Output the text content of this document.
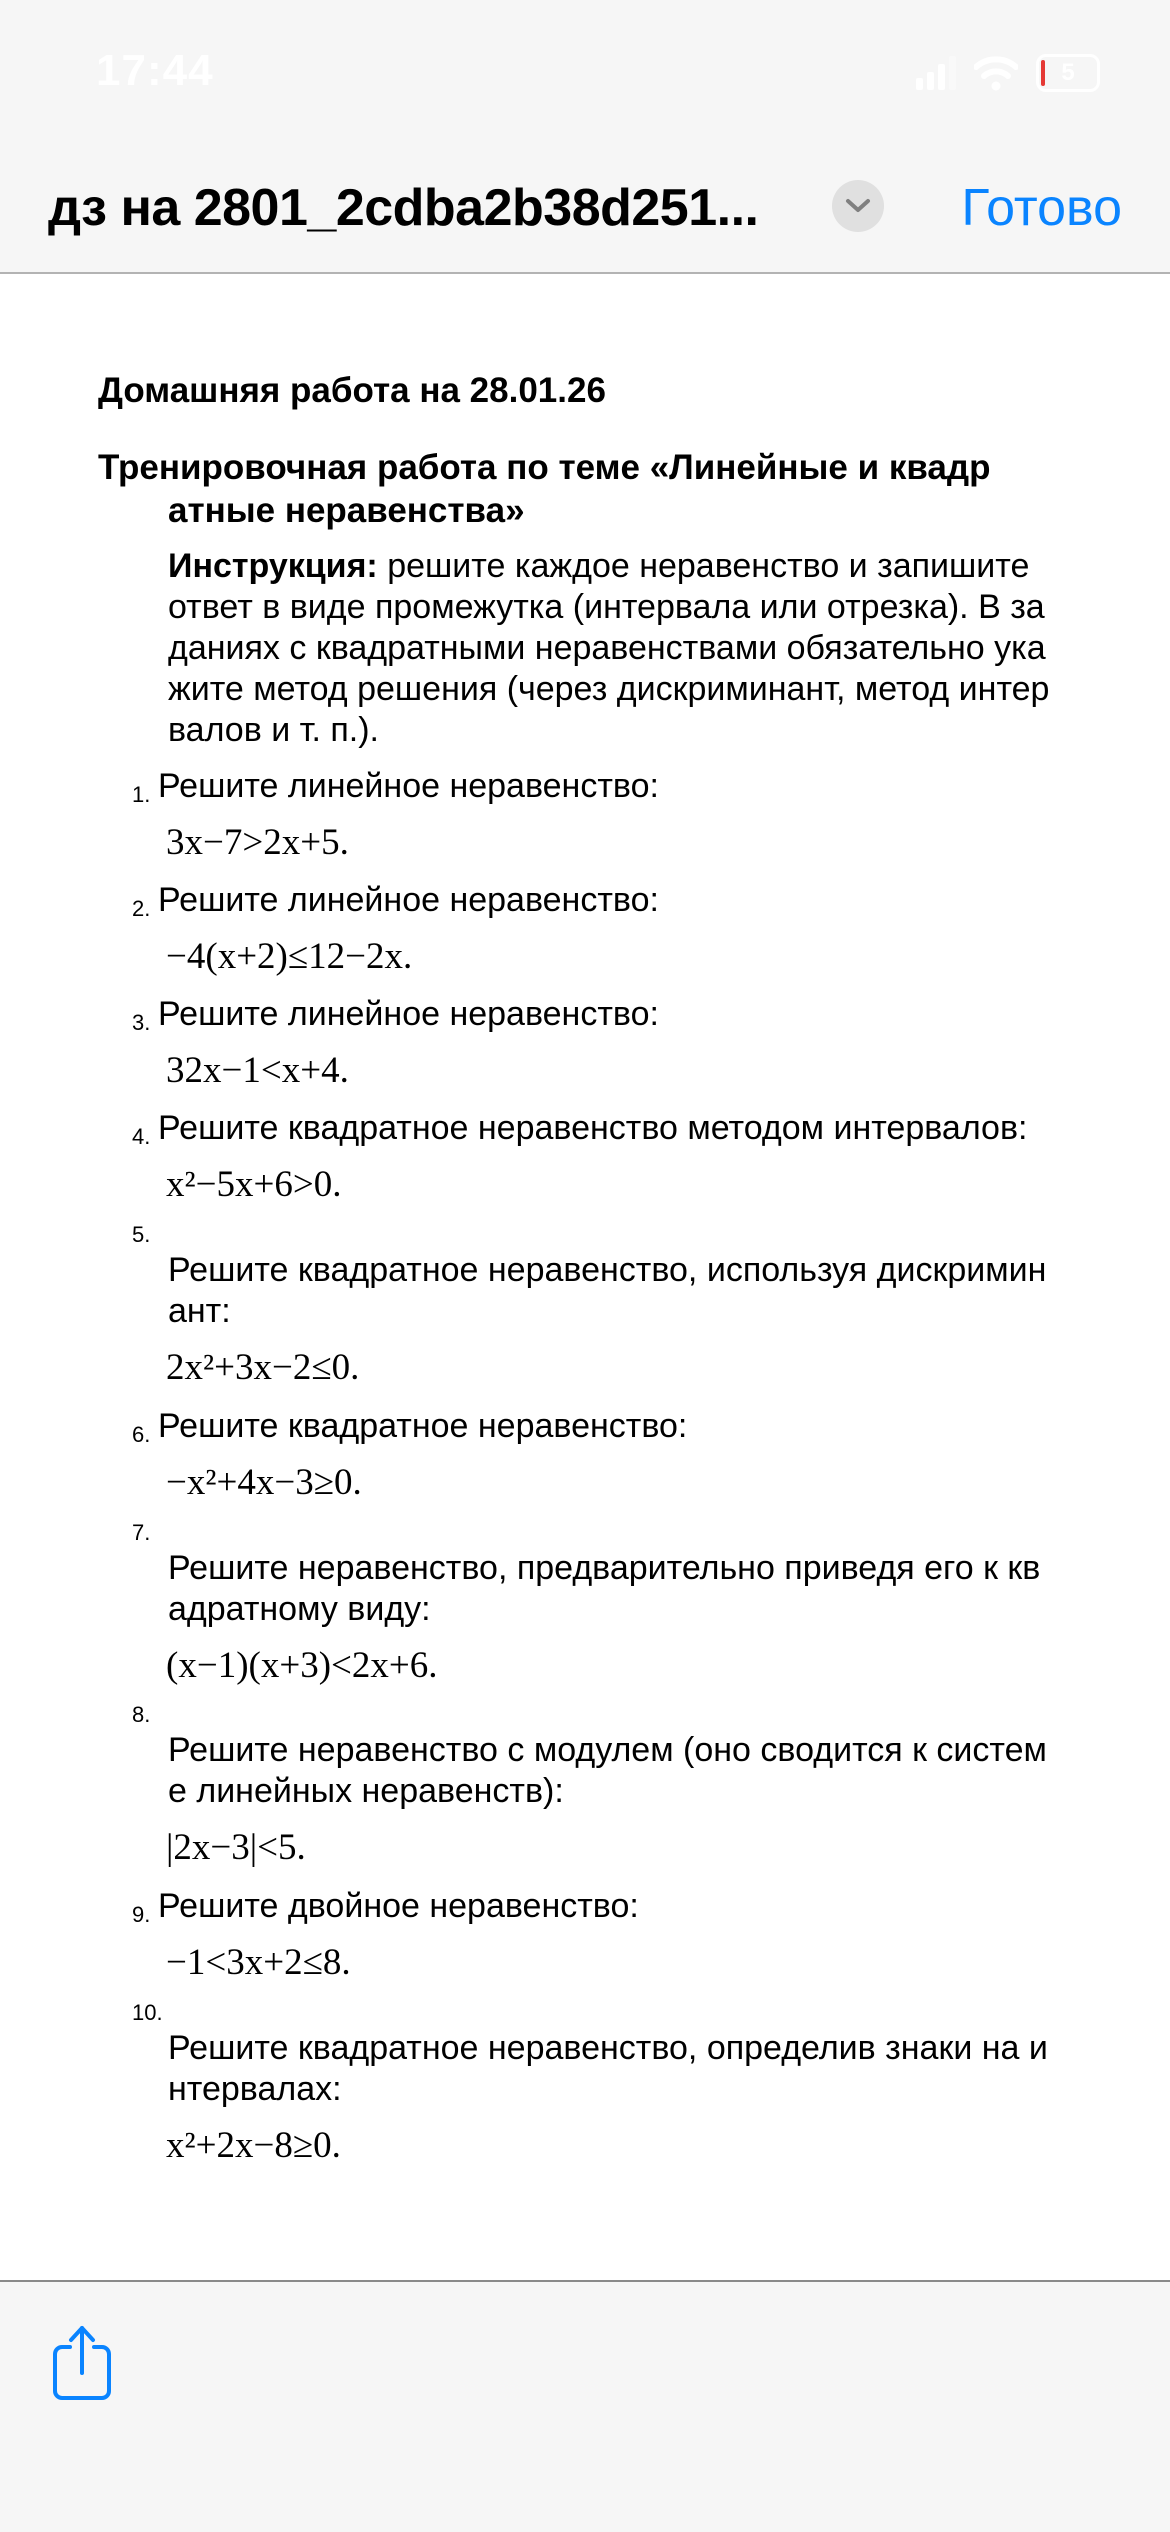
17:44	5
дз на 2801_2cdba2b38d251...	Готово
Домашняя работа на 28.01.26
Тренировочная работа по теме «Линейные и квадр
атные неравенства»
Инструкция: решите каждое неравенство и запишите
ответ в виде промежутка (интервала или отрезка). В за
даниях с квадратными неравенствами обязательно ука
жите метод решения (через дискриминант, метод интер
валов и т. п.).
1. Решите линейное неравенство:
3x−7>2x+5.
2. Решите линейное неравенство:
−4(x+2)≤12−2x.
3. Решите линейное неравенство:
32x−1<x+4.
4. Решите квадратное неравенство методом интервалов:
x²−5x+6>0.
5.
Решите квадратное неравенство, используя дискримин
ант:
2x²+3x−2≤0.
6. Решите квадратное неравенство:
−x²+4x−3≥0.
7.
Решите неравенство, предварительно приведя его к кв
адратному виду:
(x−1)(x+3)<2x+6.
8.
Решите неравенство с модулем (оно сводится к систем
е линейных неравенств):
|2x−3|<5.
9. Решите двойное неравенство:
−1<3x+2≤8.
10.
Решите квадратное неравенство, определив знаки на и
нтервалах:
x²+2x−8≥0.
